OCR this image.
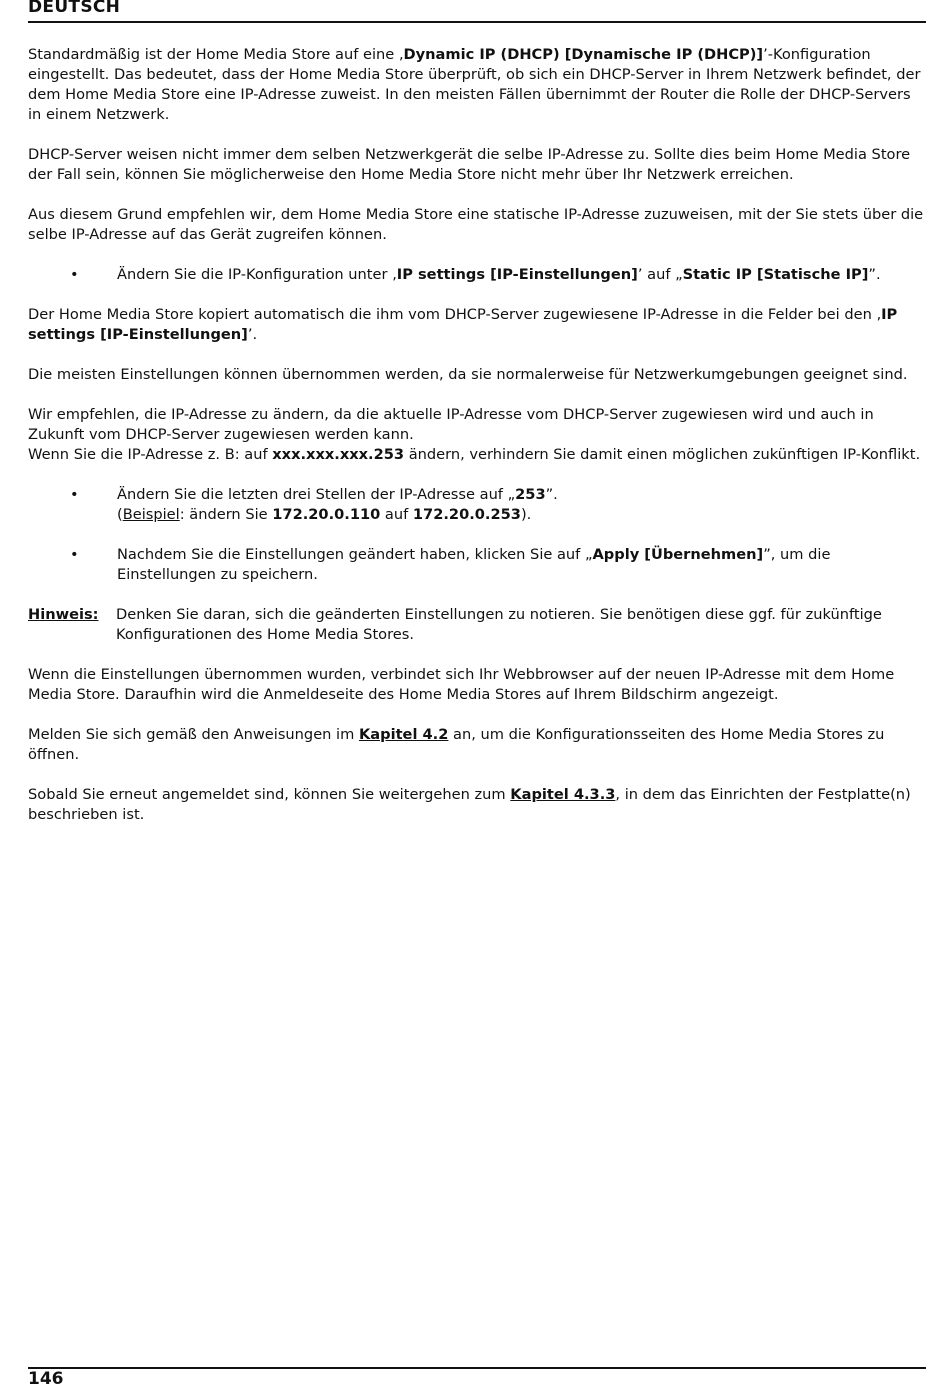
DEUTSCH

Standardmäßig ist der Home Media Store auf eine ‚Dynamic IP (DHCP) [Dynamische IP (DHCP)]’-Konfiguration eingestellt. Das bedeutet, dass der Home Media Store überprüft, ob sich ein DHCP-Server in Ihrem Netzwerk befindet, der dem Home Media Store eine IP-Adresse zuweist. In den meisten Fällen übernimmt der Router die Rolle der DHCP-Servers in einem Netzwerk.

DHCP-Server weisen nicht immer dem selben Netzwerkgerät die selbe IP-Adresse zu. Sollte dies beim Home Media Store der Fall sein, können Sie möglicherweise den Home Media Store nicht mehr über Ihr Netzwerk erreichen.

Aus diesem Grund empfehlen wir, dem Home Media Store eine statische IP-Adresse zuzuweisen, mit der Sie stets über die selbe IP-Adresse auf das Gerät zugreifen können.

•	Ändern Sie die IP-Konfiguration unter ‚IP settings [IP-Einstellungen]’ auf „Static IP [Statische IP]”.

Der Home Media Store kopiert automatisch die ihm vom DHCP-Server zugewiesene IP-Adresse in die Felder bei den ‚IP settings [IP-Einstellungen]’.

Die meisten Einstellungen können übernommen werden, da sie normalerweise für Netzwerkumgebungen geeignet sind.

Wir empfehlen, die IP-Adresse zu ändern, da die aktuelle IP-Adresse vom DHCP-Server zugewiesen wird und auch in Zukunft vom DHCP-Server zugewiesen werden kann.

Wenn Sie die IP-Adresse z. B: auf xxx.xxx.xxx.253 ändern, verhindern Sie damit einen möglichen zukünftigen IP-Konflikt.

•	Ändern Sie die letzten drei Stellen der IP-Adresse auf „253”.
(Beispiel: ändern Sie 172.20.0.110 auf 172.20.0.253).
•	Nachdem Sie die Einstellungen geändert haben, klicken Sie auf „Apply [Übernehmen]”, um die Einstellungen zu speichern.
Hinweis: Denken Sie daran, sich die geänderten Einstellungen zu notieren. Sie benötigen diese ggf. für zukünftige Konfigurationen des Home Media Stores.

Wenn die Einstellungen übernommen wurden, verbindet sich Ihr Webbrowser auf der neuen IP-Adresse mit dem Home Media Store. Daraufhin wird die Anmeldeseite des Home Media Stores auf Ihrem Bildschirm angezeigt.

Melden Sie sich gemäß den Anweisungen im Kapitel 4.2 an, um die Konfigurationsseiten des Home Media Stores zu öffnen.

Sobald Sie erneut angemeldet sind, können Sie weitergehen zum Kapitel 4.3.3, in dem das Einrichten der Festplatte(n) beschrieben ist.

146
